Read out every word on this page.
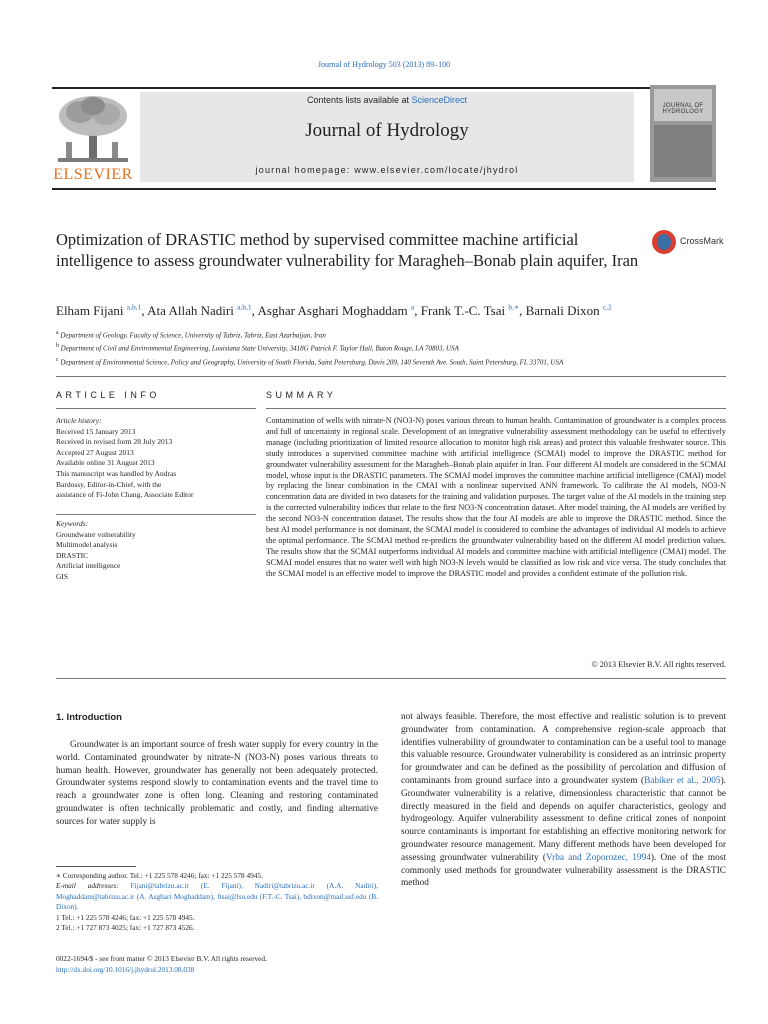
Journal of Hydrology 503 (2013) 89–100
ELSEVIER
Contents lists available at ScienceDirect
Journal of Hydrology
journal homepage: www.elsevier.com/locate/jhydrol
JOURNAL OF HYDROLOGY
Optimization of DRASTIC method by supervised committee machine artificial intelligence to assess groundwater vulnerability for Maragheh–Bonab plain aquifer, Iran
CrossMark
Elham Fijani $^{a,b,1}$, Ata Allah Nadiri $^{a,b,1}$, Asghar Asghari Moghaddam $^a$, Frank T.-C. Tsai $^{b,∗}$, Barnali Dixon $^{c,2}$
$^a$ Department of Geology, Faculty of Science, University of Tabriz, Tabriz, East Azarbaijan, Iran
$^b$ Department of Civil and Environmental Engineering, Louisiana State University, 3418G Patrick F. Taylor Hall, Baton Rouge, LA 70803, USA
$^c$ Department of Environmental Science, Policy and Geography, University of South Florida, Saint Petersburg, Davis 209, 140 Seventh Ave. South, Saint Petersburg, FL 33701, USA
ARTICLE INFO
Article history:
Received 15 January 2013
Received in revised form 28 July 2013
Accepted 27 August 2013
Available online 31 August 2013
This manuscript was handled by Andras
Bardossy, Editor-in-Chief, with the
assistance of Fi-John Chang, Associate Editor
Keywords:
Groundwater vulnerability
Multimodel analysis
DRASTIC
Artificial intelligence
GIS
SUMMARY
Contamination of wells with nitrate-N (NO3-N) poses various threats to human health. Contamination of groundwater is a complex process and full of uncertainty in regional scale. Development of an integrative vulnerability assessment methodology can be useful to effectively manage (including prioritization of limited resource allocation to monitor high risk areas) and protect this valuable freshwater source. This study introduces a supervised committee machine with artificial intelligence (SCMAI) model to improve the DRASTIC method for groundwater vulnerability assessment for the Maragheh–Bonab plain aquifer in Iran. Four different AI models are considered in the SCMAI model, whose input is the DRASTIC parameters. The SCMAI model improves the committee machine artificial intelligence (CMAI) model by replacing the linear combination in the CMAI with a nonlinear supervised ANN framework. To calibrate the AI models, NO3-N concentration data are divided in two datasets for the training and validation purposes. The target value of the AI models in the training step is the corrected vulnerability indices that relate to the first NO3-N concentration dataset. After model training, the AI models are verified by the second NO3-N concentration dataset. The results show that the four AI models are able to improve the DRASTIC method. Since the best AI model performance is not dominant, the SCMAI model is considered to combine the advantages of individual AI models to achieve the optimal performance. The SCMAI method re-predicts the groundwater vulnerability based on the different AI model prediction values. The results show that the SCMAI outperforms individual AI models and committee machine with artificial intelligence (CMAI) model. The SCMAI model ensures that no water well with high NO3-N levels would be classified as low risk and vice versa. The study concludes that the SCMAI model is an effective model to improve the DRASTIC model and provides a confident estimate of the pollution risk.
© 2013 Elsevier B.V. All rights reserved.
1. Introduction
Groundwater is an important source of fresh water supply for every country in the world. Contaminated groundwater by nitrate-N (NO3-N) poses various threats to human health. However, groundwater has generally not been adequately protected. Groundwater systems respond slowly to contamination events and the travel time to reach a groundwater zone is often long. Cleaning and restoring contaminated groundwater is often technically problematic and costly, and finding alternative sources for water supply is
not always feasible. Therefore, the most effective and realistic solution is to prevent groundwater from contamination. A comprehensive region-scale approach that identifies vulnerability of groundwater to contamination can be a useful tool to manage this valuable resource. Groundwater vulnerability is considered as an intrinsic property for groundwater and can be defined as the possibility of percolation and diffusion of contaminants from ground surface into a groundwater system (Babiker et al., 2005). Groundwater vulnerability is a relative, dimensionless characteristic that cannot be directly measured in the field and depends on aquifer characteristics, geology and hydrogeology. Aquifer vulnerability assessment to define critical zones of nonpoint source contaminants is important for establishing an effective monitoring network for groundwater resource management. Many different methods have been developed for assessing groundwater vulnerability (Vrba and Zoporozec, 1994). One of the most commonly used methods for groundwater vulnerability assessment is the DRASTIC method
∗ Corresponding author. Tel.: +1 225 578 4246; fax: +1 225 578 4945.
E-mail addresses: Fijani@tabrizu.ac.ir (E. Fijani), Nadiri@tabrizu.ac.ir (A.A. Nadiri), Moghaddam@tabrizu.ac.ir (A. Asghari Moghaddam), ftsai@lsu.edu (F.T.-C. Tsai), bdixon@mail.usf.edu (B. Dixon).
1 Tel.: +1 225 578 4246; fax: +1 225 578 4945.
2 Tel.: +1 727 873 4025; fax: +1 727 873 4526.
0022-1694/$ - see front matter © 2013 Elsevier B.V. All rights reserved.
http://dx.doi.org/10.1016/j.jhydrol.2013.08.038
